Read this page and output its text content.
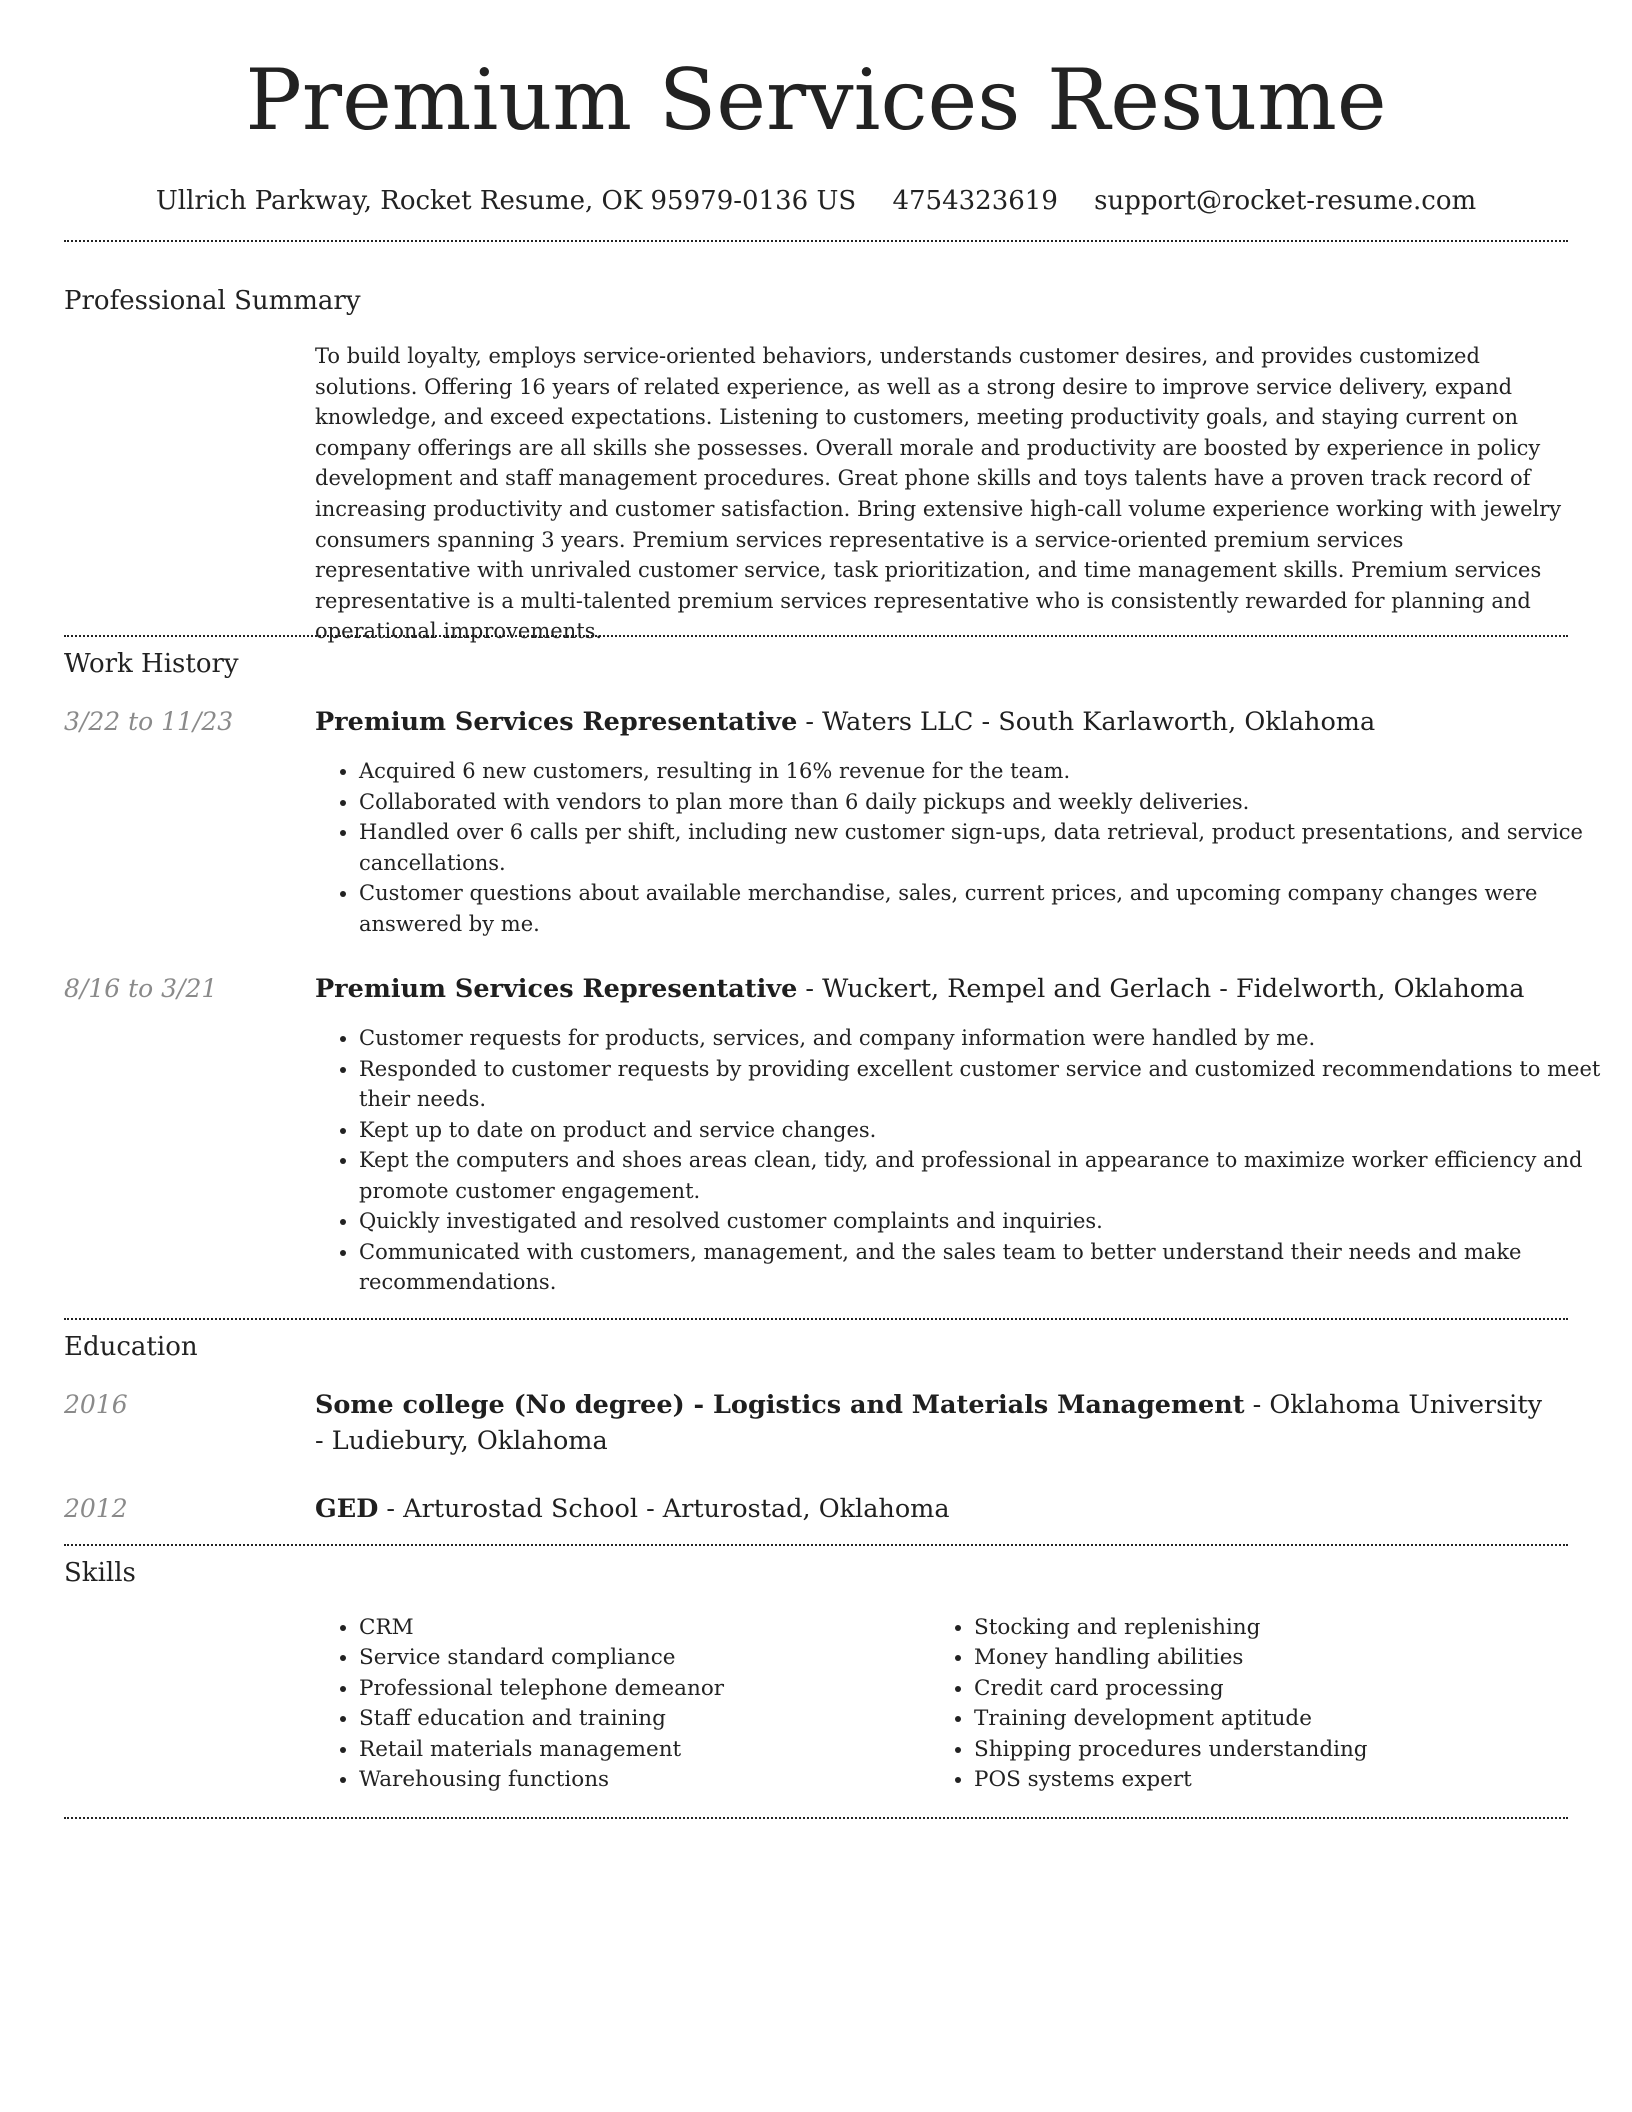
Premium Services Resume
Ullrich Parkway, Rocket Resume, OK 95979-0136 US 4754323619 support@rocket-resume.com
Professional Summary

To build loyalty, employs service-oriented behaviors, understands customer desires, and provides customized solutions. Offering 16 years of related experience, as well as a strong desire to improve service delivery, expand knowledge, and exceed expectations. Listening to customers, meeting productivity goals, and staying current on company offerings are all skills she possesses. Overall morale and productivity are boosted by experience in policy development and staff management procedures. Great phone skills and toys talents have a proven track record of increasing productivity and customer satisfaction. Bring extensive high-call volume experience working with jewelry consumers spanning 3 years. Premium services representative is a service-oriented premium services representative with unrivaled customer service, task prioritization, and time management skills. Premium services representative is a multi-talented premium services representative who is consistently rewarded for planning and operational improvements.

Work History
3/22 to 11/23	Premium Services Representative - Waters LLC - South Karlaworth, Oklahoma
• Acquired 6 new customers, resulting in 16% revenue for the team.
• Collaborated with vendors to plan more than 6 daily pickups and weekly deliveries.
• Handled over 6 calls per shift, including new customer sign-ups, data retrieval, product presentations, and service cancellations.
• Customer questions about available merchandise, sales, current prices, and upcoming company changes were answered by me.
8/16 to 3/21	Premium Services Representative - Wuckert, Rempel and Gerlach - Fidelworth, Oklahoma
• Customer requests for products, services, and company information were handled by me.
• Responded to customer requests by providing excellent customer service and customized recommendations to meet their needs.
• Kept up to date on product and service changes.
• Kept the computers and shoes areas clean, tidy, and professional in appearance to maximize worker efficiency and promote customer engagement.
• Quickly investigated and resolved customer complaints and inquiries.
• Communicated with customers, management, and the sales team to better understand their needs and make recommendations.
Education
2016	Some college (No degree) - Logistics and Materials Management - Oklahoma University - Ludiebury, Oklahoma
2012	GED - Arturostad School - Arturostad, Oklahoma
Skills
• CRM
• Service standard compliance
• Professional telephone demeanor
• Staff education and training
• Retail materials management
• Warehousing functions
• Stocking and replenishing
• Money handling abilities
• Credit card processing
• Training development aptitude
• Shipping procedures understanding
• POS systems expert
